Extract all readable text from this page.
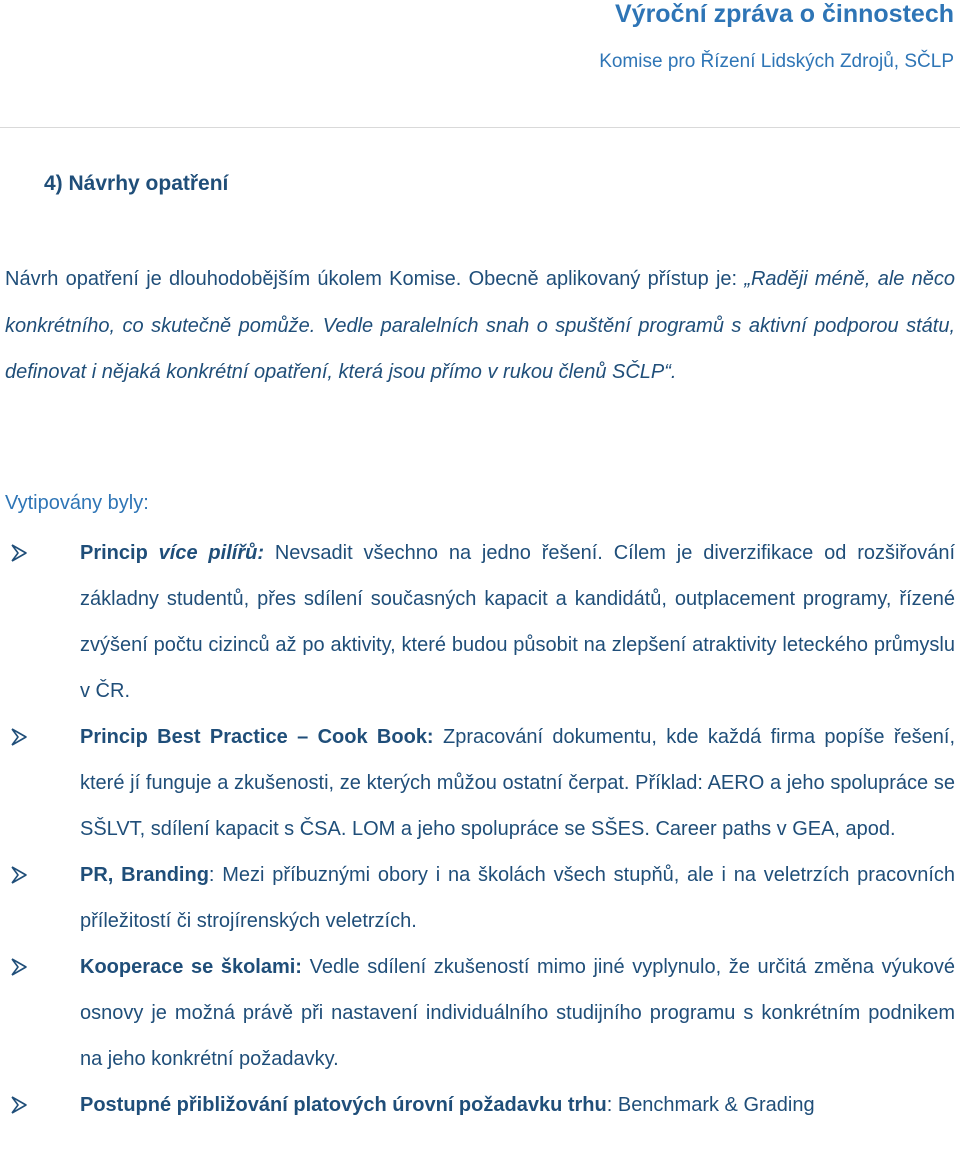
Výroční zpráva o činnostech
Komise pro Řízení Lidských Zdrojů, SČLP
4) Návrhy opatření
Návrh opatření je dlouhodobějším úkolem Komise. Obecně aplikovaný přístup je: „Raději méně, ale něco konkrétního, co skutečně pomůže. Vedle paralelních snah o spuštění programů s aktivní podporou státu, definovat i nějaká konkrétní opatření, která jsou přímo v rukou členů SČLP“.
Vytipovány byly:
Princip více pilířů: Nevsadit všechno na jedno řešení. Cílem je diverzifikace od rozšiřování základny studentů, přes sdílení současných kapacit a kandidátů, outplacement programy, řízené zvýšení počtu cizinců až po aktivity, které budou působit na zlepšení atraktivity leteckého průmyslu v ČR.
Princip Best Practice – Cook Book: Zpracování dokumentu, kde každá firma popíše řešení, které jí funguje a zkušenosti, ze kterých můžou ostatní čerpat. Příklad: AERO a jeho spolupráce se SŠLVT, sdílení kapacit s ČSA. LOM a jeho spolupráce se SŠES. Career paths v GEA, apod.
PR, Branding: Mezi příbuznými obory i na školách všech stupňů, ale i na veletrzích pracovních příležitostí či strojírenských veletrzích.
Kooperace se školami: Vedle sdílení zkušeností mimo jiné vyplynulo, že určitá změna výukové osnovy je možná právě při nastavení individuálního studijního programu s konkrétním podnikem na jeho konkrétní požadavky.
Postupné přibližování platových úrovní požadavku trhu: Benchmark & Grading
